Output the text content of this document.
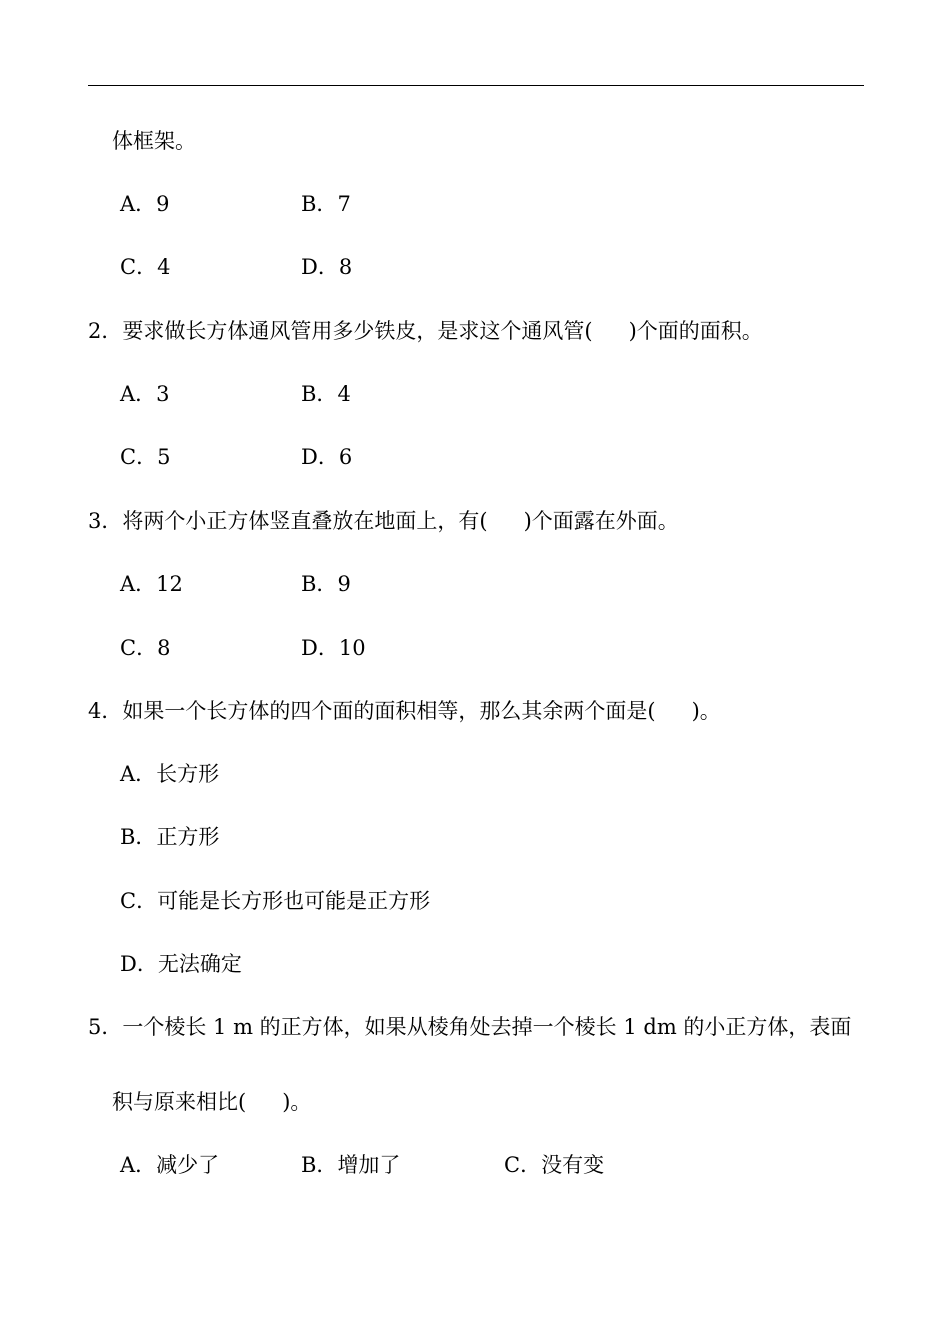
体框架。
A．9	B．7
C．4	D．8
2．要求做长方体通风管用多少铁皮，是求这个通风管( )个面的面积。
A．3	B．4
C．5	D．6
3．将两个小正方体竖直叠放在地面上，有( )个面露在外面。
A．12	B．9
C．8	D．10
4．如果一个长方体的四个面的面积相等，那么其余两个面是( )。
A．长方形
B．正方形
C．可能是长方形也可能是正方形
D．无法确定
5．一个棱长 1 m 的正方体，如果从棱角处去掉一个棱长 1 dm 的小正方体，表面
积与原来相比( )。
A．减少了	B．增加了	C．没有变
